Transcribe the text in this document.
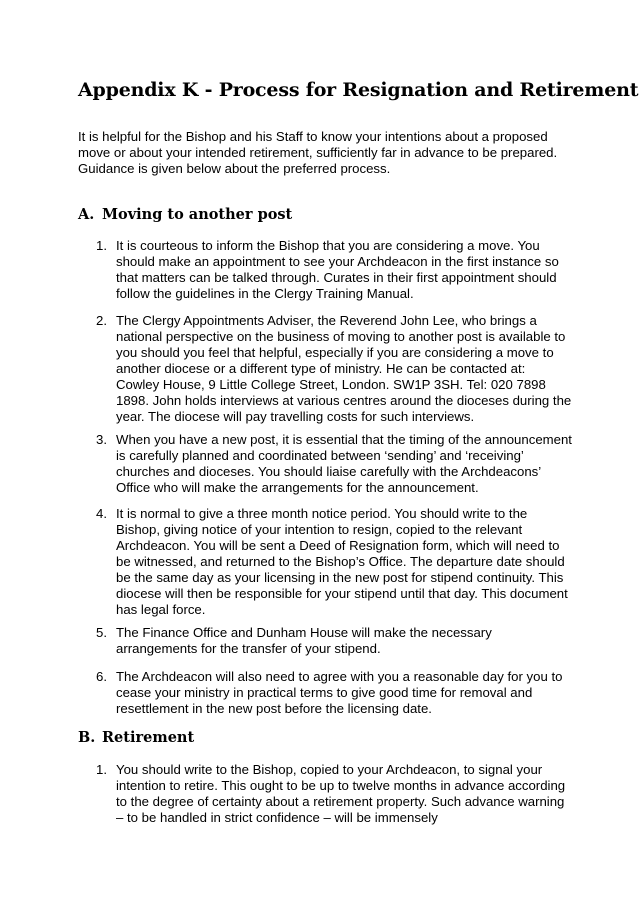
Appendix K - Process for Resignation and Retirement

It is helpful for the Bishop and his Staff to know your intentions about a proposed move or about your intended retirement, sufficiently far in advance to be prepared. Guidance is given below about the preferred process.

A. Moving to another post
1. It is courteous to inform the Bishop that you are considering a move. You should make an appointment to see your Archdeacon in the first instance so that matters can be talked through. Curates in their first appointment should follow the guidelines in the Clergy Training Manual.
2. The Clergy Appointments Adviser, the Reverend John Lee, who brings a national perspective on the business of moving to another post is available to you should you feel that helpful, especially if you are considering a move to another diocese or a different type of ministry. He can be contacted at: Cowley House, 9 Little College Street, London. SW1P 3SH. Tel: 020 7898 1898. John holds interviews at various centres around the dioceses during the year. The diocese will pay travelling costs for such interviews.
3. When you have a new post, it is essential that the timing of the announcement is carefully planned and coordinated between ‘sending’ and ‘receiving’ churches and dioceses. You should liaise carefully with the Archdeacons’ Office who will make the arrangements for the announcement.
4. It is normal to give a three month notice period. You should write to the Bishop, giving notice of your intention to resign, copied to the relevant Archdeacon. You will be sent a Deed of Resignation form, which will need to be witnessed, and returned to the Bishop’s Office. The departure date should be the same day as your licensing in the new post for stipend continuity. This diocese will then be responsible for your stipend until that day. This document has legal force.
5. The Finance Office and Dunham House will make the necessary arrangements for the transfer of your stipend.
6. The Archdeacon will also need to agree with you a reasonable day for you to cease your ministry in practical terms to give good time for removal and resettlement in the new post before the licensing date.
B. Retirement
1. You should write to the Bishop, copied to your Archdeacon, to signal your intention to retire. This ought to be up to twelve months in advance according to the degree of certainty about a retirement property. Such advance warning – to be handled in strict confidence – will be immensely
